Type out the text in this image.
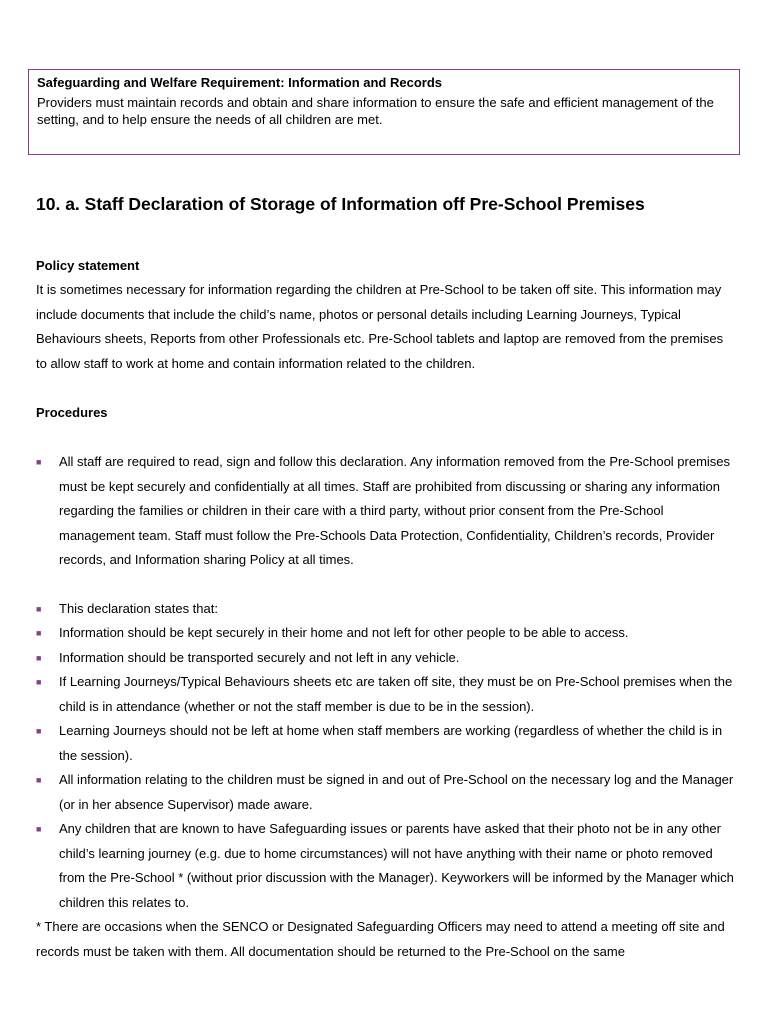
Safeguarding and Welfare Requirement: Information and Records
Providers must maintain records and obtain and share information to ensure the safe and efficient management of the setting, and to help ensure the needs of all children are met.
10. a. Staff Declaration of Storage of Information off Pre-School Premises
Policy statement
It is sometimes necessary for information regarding the children at Pre-School to be taken off site. This information may include documents that include the child’s name, photos or personal details including Learning Journeys, Typical Behaviours sheets, Reports from other Professionals etc. Pre-School tablets and laptop are removed from the premises to allow staff to work at home and contain information related to the children.
Procedures
■	All staff are required to read, sign and follow this declaration. Any information removed from the Pre-School premises must be kept securely and confidentially at all times. Staff are prohibited from discussing or sharing any information regarding the families or children in their care with a third party, without prior consent from the Pre-School management team. Staff must follow the Pre-Schools Data Protection, Confidentiality, Children’s records, Provider records, and Information sharing Policy at all times.
■	This declaration states that:
■	Information should be kept securely in their home and not left for other people to be able to access.
■	Information should be transported securely and not left in any vehicle.
■	If Learning Journeys/Typical Behaviours sheets etc are taken off site, they must be on Pre-School premises when the child is in attendance (whether or not the staff member is due to be in the session).
■	Learning Journeys should not be left at home when staff members are working (regardless of whether the child is in the session).
■	All information relating to the children must be signed in and out of Pre-School on the necessary log and the Manager (or in her absence Supervisor) made aware.
■	Any children that are known to have Safeguarding issues or parents have asked that their photo not be in any other child’s learning journey (e.g. due to home circumstances) will not have anything with their name or photo removed from the Pre-School * (without prior discussion with the Manager). Keyworkers will be informed by the Manager which children this relates to.
* There are occasions when the SENCO or Designated Safeguarding Officers may need to attend a meeting off site and records must be taken with them. All documentation should be returned to the Pre-School on the same
